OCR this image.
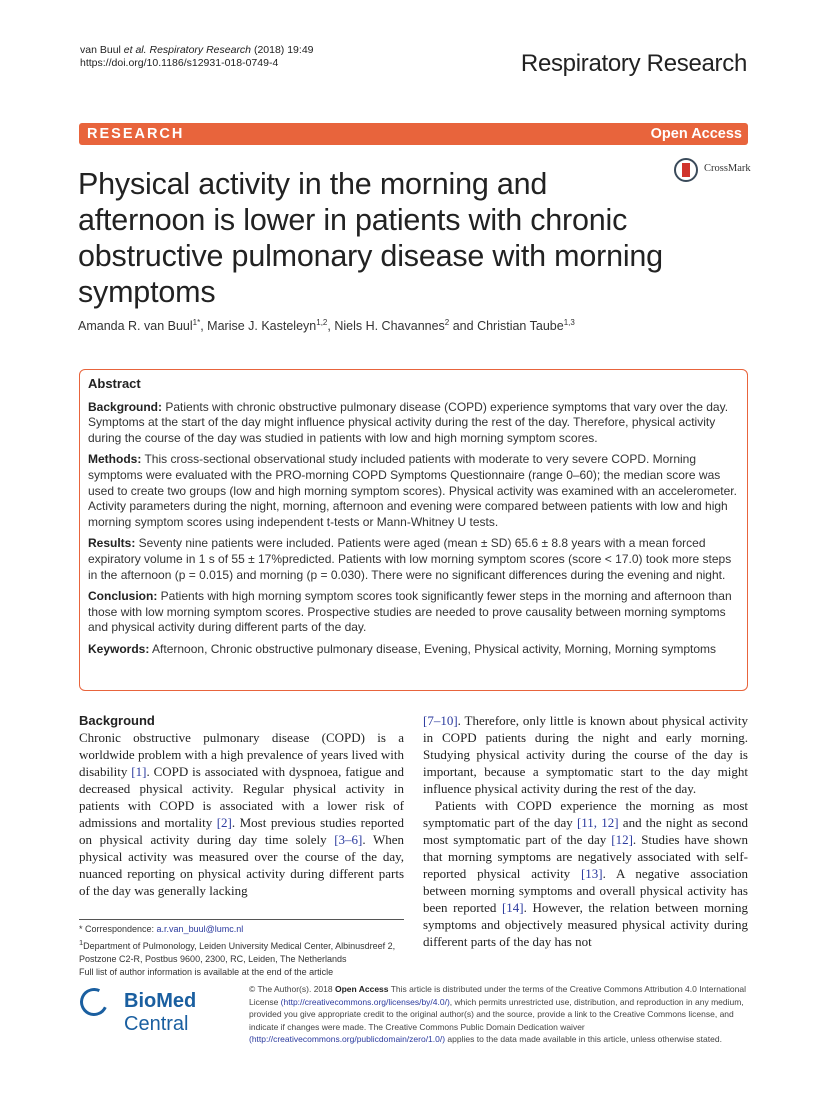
van Buul et al. Respiratory Research (2018) 19:49
https://doi.org/10.1186/s12931-018-0749-4	Respiratory Research
RESEARCH	Open Access
CrossMark
Physical activity in the morning and afternoon is lower in patients with chronic obstructive pulmonary disease with morning symptoms
Amanda R. van Buul$^{1*}$, Marise J. Kasteleyn$^{1,2}$, Niels H. Chavannes$^2$ and Christian Taube$^{1,3}$
Abstract

Background: Patients with chronic obstructive pulmonary disease (COPD) experience symptoms that vary over the day. Symptoms at the start of the day might influence physical activity during the rest of the day. Therefore, physical activity during the course of the day was studied in patients with low and high morning symptom scores.

Methods: This cross-sectional observational study included patients with moderate to very severe COPD. Morning symptoms were evaluated with the PRO-morning COPD Symptoms Questionnaire (range 0–60); the median score was used to create two groups (low and high morning symptom scores). Physical activity was examined with an accelerometer. Activity parameters during the night, morning, afternoon and evening were compared between patients with low and high morning symptom scores using independent t-tests or Mann-Whitney U tests.

Results: Seventy nine patients were included. Patients were aged (mean ± SD) 65.6 ± 8.8 years with a mean forced expiratory volume in 1 s of 55 ± 17%predicted. Patients with low morning symptom scores (score < 17.0) took more steps in the afternoon (p = 0.015) and morning (p = 0.030). There were no significant differences during the evening and night.

Conclusion: Patients with high morning symptom scores took significantly fewer steps in the morning and afternoon than those with low morning symptom scores. Prospective studies are needed to prove causality between morning symptoms and physical activity during different parts of the day.

Keywords: Afternoon, Chronic obstructive pulmonary disease, Evening, Physical activity, Morning, Morning symptoms

Background

Chronic obstructive pulmonary disease (COPD) is a worldwide problem with a high prevalence of years lived with disability [1]. COPD is associated with dyspnoea, fatigue and decreased physical activity. Regular physical activity in patients with COPD is associated with a lower risk of admissions and mortality [2]. Most previous studies reported on physical activity during day time solely [3–6]. When physical activity was measured over the course of the day, nuanced reporting on physical activity during different parts of the day was generally lacking

[7–10]. Therefore, only little is known about physical activity in COPD patients during the night and early morning. Studying physical activity during the course of the day is important, because a symptomatic start to the day might influence physical activity during the rest of the day.

Patients with COPD experience the morning as most symptomatic part of the day [11, 12] and the night as second most symptomatic part of the day [12]. Studies have shown that morning symptoms are negatively associated with self-reported physical activity [13]. A negative association between morning symptoms and overall physical activity has been reported [14]. However, the relation between morning symptoms and objectively measured physical activity during different parts of the day has not

* Correspondence: a.r.van_buul@lumc.nl
$^1$Department of Pulmonology, Leiden University Medical Center, Albinusdreef 2, Postzone C2-R, Postbus 9600, 2300, RC, Leiden, The Netherlands
Full list of author information is available at the end of the article
BioMed Central
© The Author(s). 2018 Open Access This article is distributed under the terms of the Creative Commons Attribution 4.0 International License (http://creativecommons.org/licenses/by/4.0/), which permits unrestricted use, distribution, and reproduction in any medium, provided you give appropriate credit to the original author(s) and the source, provide a link to the Creative Commons license, and indicate if changes were made. The Creative Commons Public Domain Dedication waiver (http://creativecommons.org/publicdomain/zero/1.0/) applies to the data made available in this article, unless otherwise stated.
